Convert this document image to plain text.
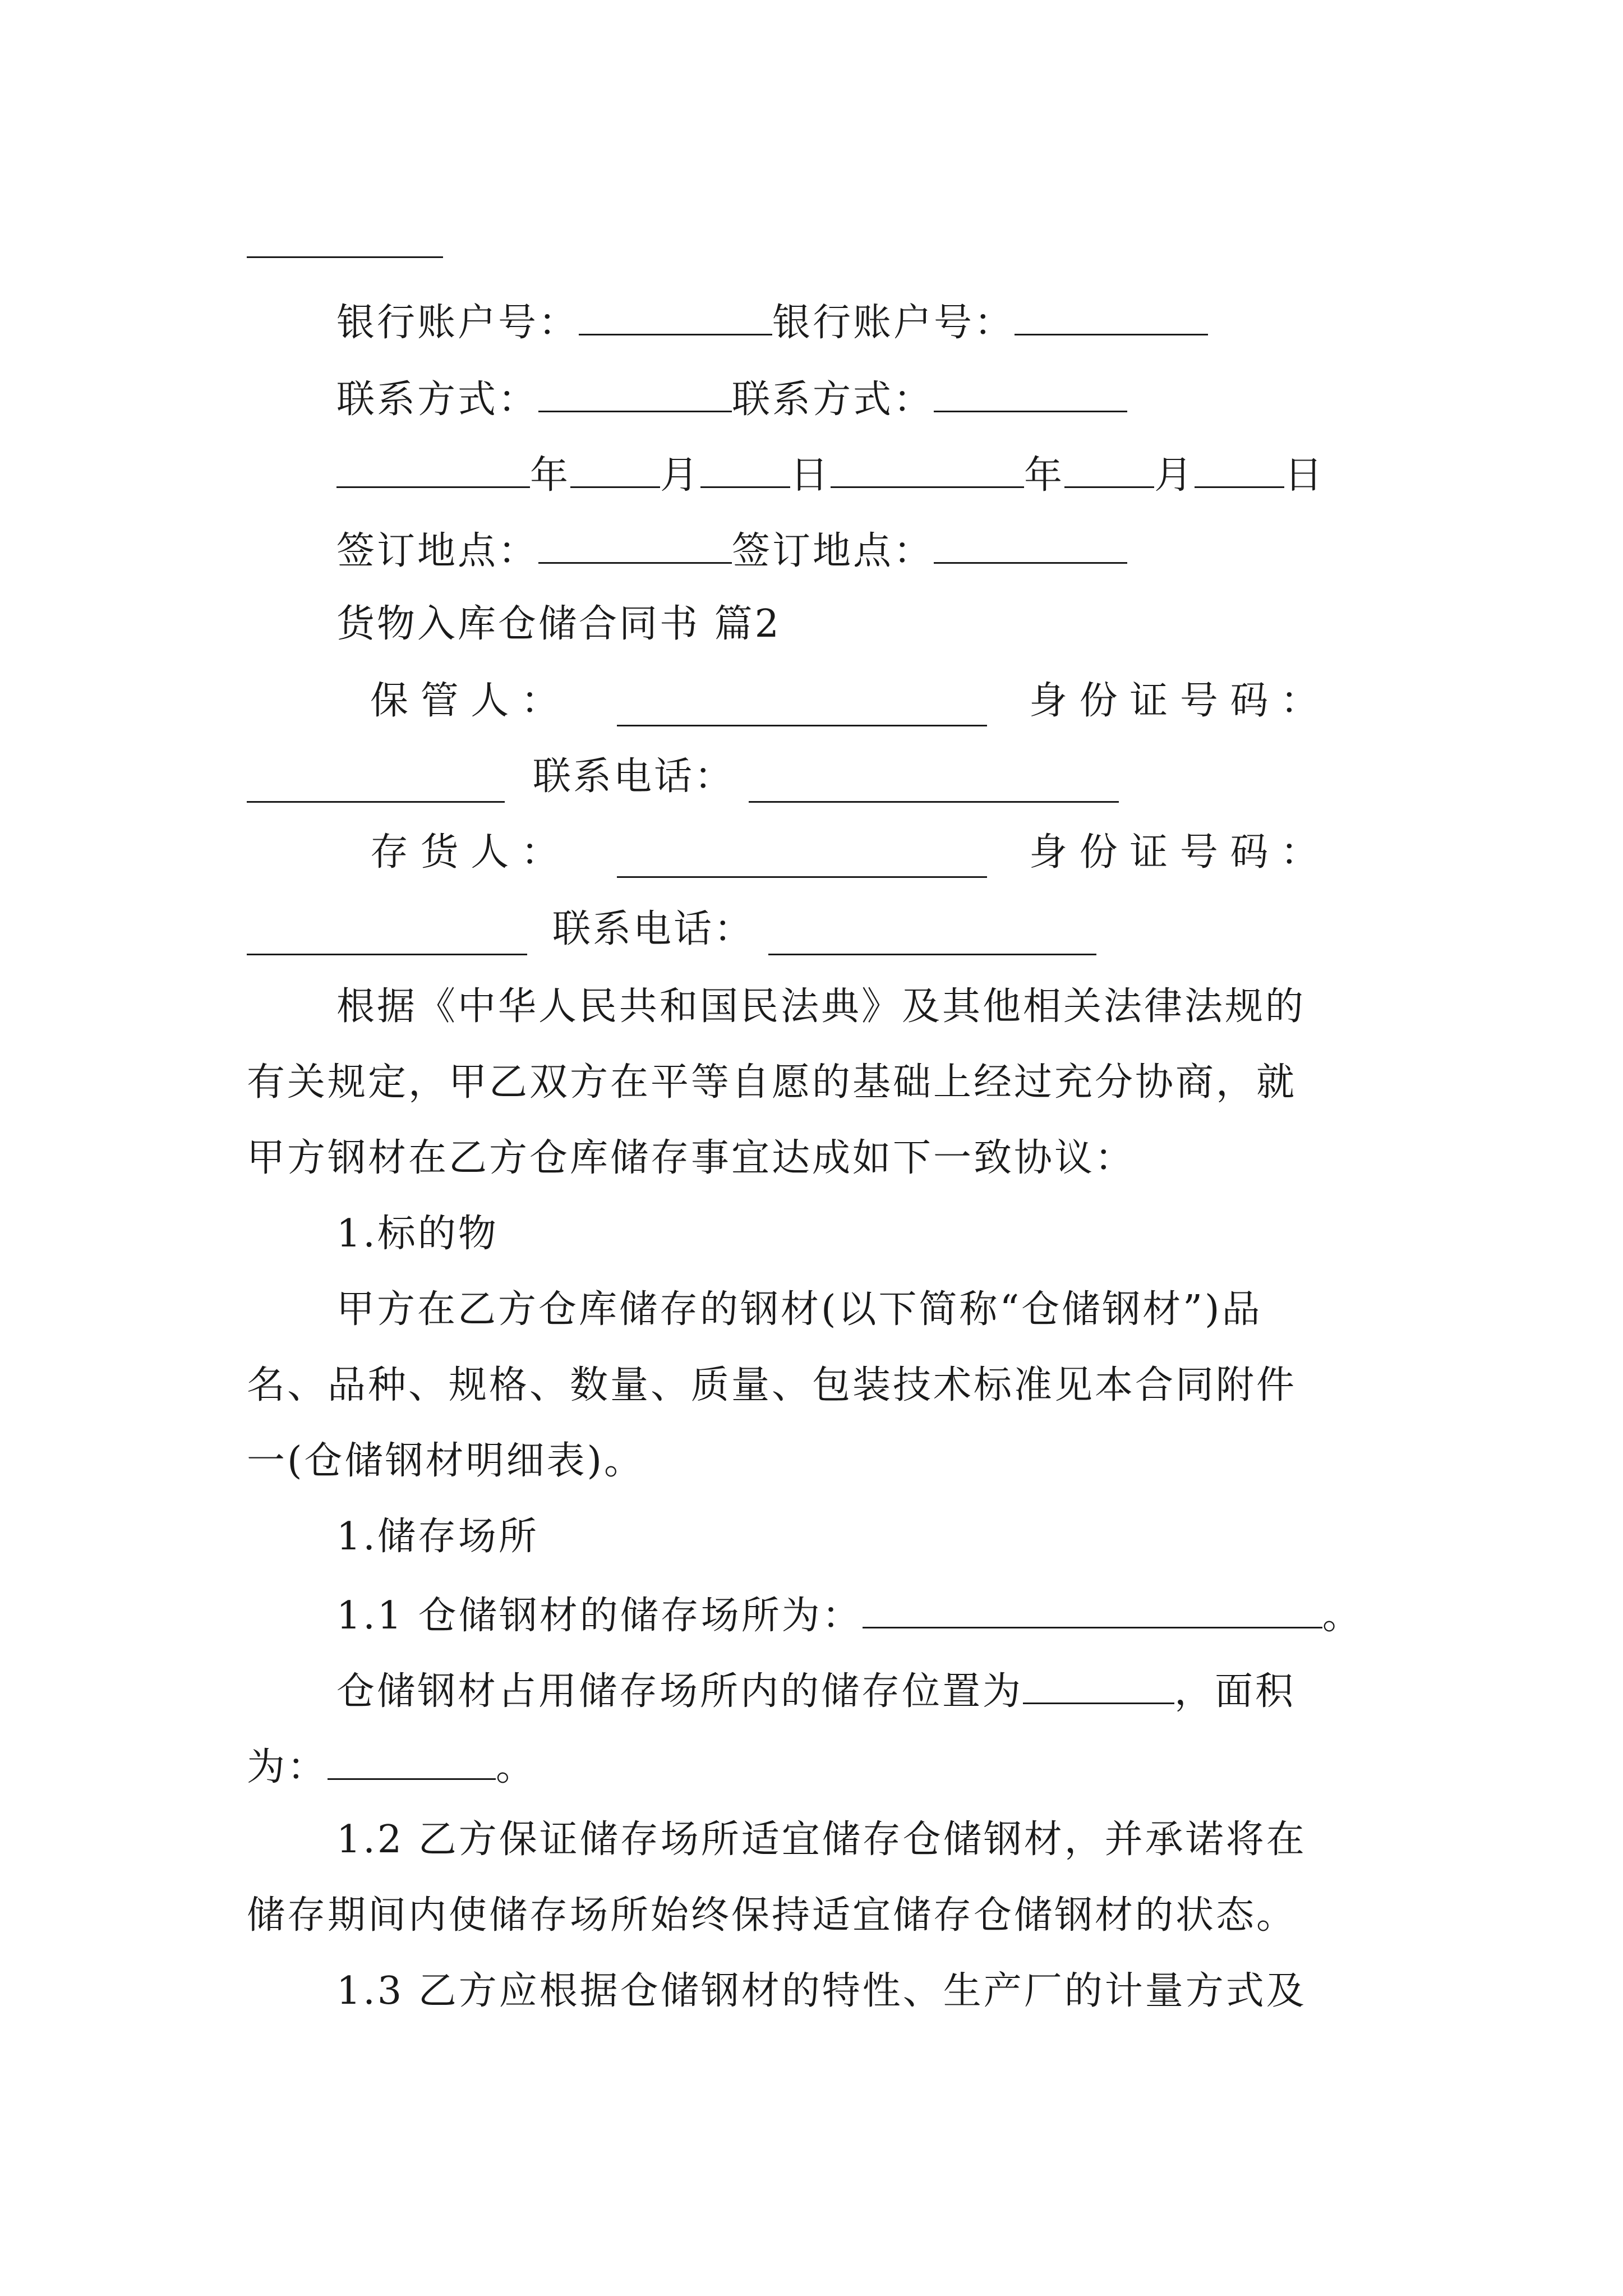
银行账户号：	银行账户号：
联系方式：	联系方式：
年 月 日	年 月 日
签订地点：	签订地点：
货物入库仓储合同书 篇2
保 管 人 ：	身 份 证 号 码 ：
联系电话：
存 货 人 ：	身 份 证 号 码 ：
联系电话：
根据《中华人民共和国民法典》及其他相关法律法规的
有关规定，甲乙双方在平等自愿的基础上经过充分协商，就
甲方钢材在乙方仓库储存事宜达成如下一致协议：
1.标的物
甲方在乙方仓库储存的钢材(以下简称“仓储钢材”)品
名、品种、规格、数量、质量、包装技术标准见本合同附件
一(仓储钢材明细表)。
1.储存场所
1.1 仓储钢材的储存场所为：	。
仓储钢材占用储存场所内的储存位置为	，面积
为：	。
1.2 乙方保证储存场所适宜储存仓储钢材，并承诺将在
储存期间内使储存场所始终保持适宜储存仓储钢材的状态。
1.3 乙方应根据仓储钢材的特性、生产厂的计量方式及
